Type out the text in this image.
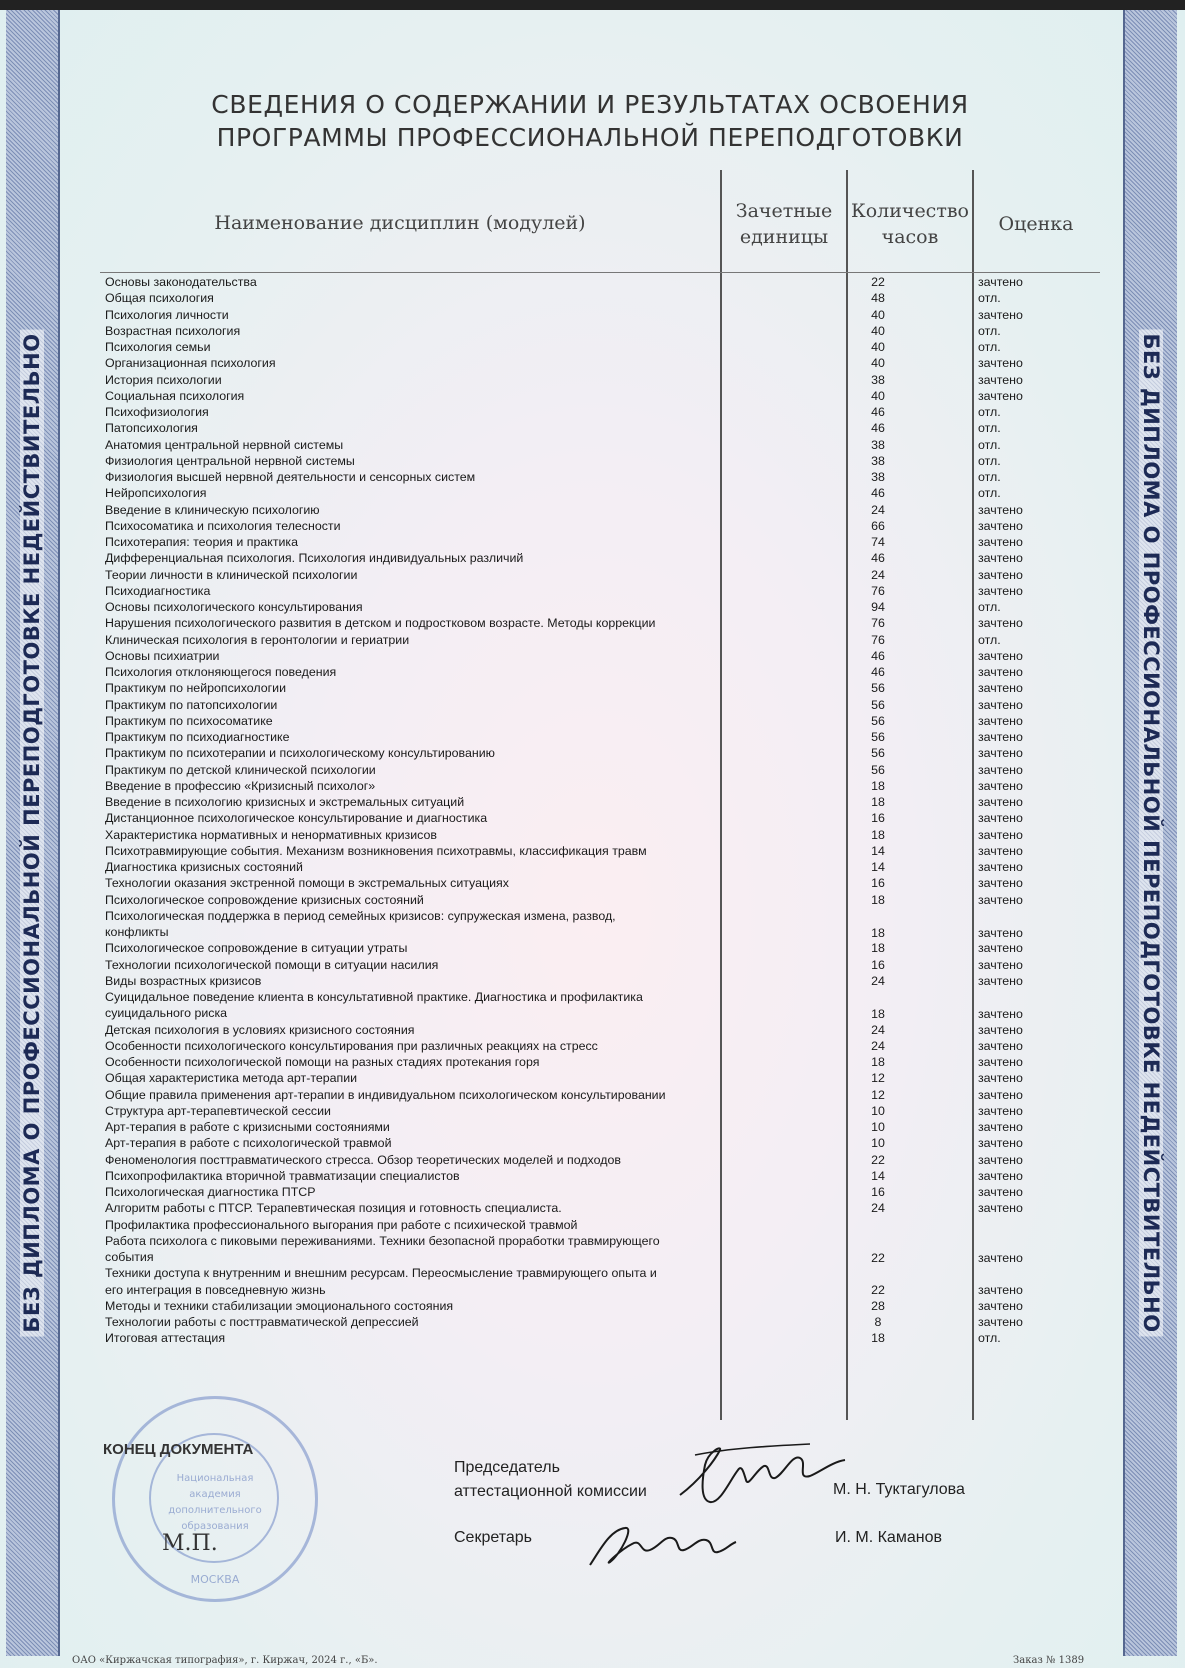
БЕЗ ДИПЛОМА О ПРОФЕССИОНАЛЬНОЙ ПЕРЕПОДГОТОВКЕ НЕДЕЙСТВИТЕЛЬНО	БЕЗ ДИПЛОМА О ПРОФЕССИОНАЛЬНОЙ ПЕРЕПОДГОТОВКЕ НЕДЕЙСТВИТЕЛЬНО
СВЕДЕНИЯ О СОДЕРЖАНИИ И РЕЗУЛЬТАТАХ ОСВОЕНИЯ
ПРОГРАММЫ ПРОФЕССИОНАЛЬНОЙ ПЕРЕПОДГОТОВКИ
Наименование дисциплин (модулей)
Зачетные
единицы
Количество
часов
Оценка
Основы законодательства	22	зачтено
Общая психология	48	отл.
Психология личности	40	зачтено
Возрастная психология	40	отл.
Психология семьи	40	отл.
Организационная психология	40	зачтено
История психологии	38	зачтено
Социальная психология	40	зачтено
Психофизиология	46	отл.
Патопсихология	46	отл.
Анатомия центральной нервной системы	38	отл.
Физиология центральной нервной системы	38	отл.
Физиология высшей нервной деятельности и сенсорных систем	38	отл.
Нейропсихология	46	отл.
Введение в клиническую психологию	24	зачтено
Психосоматика и психология телесности	66	зачтено
Психотерапия: теория и практика	74	зачтено
Дифференциальная психология. Психология индивидуальных различий	46	зачтено
Теории личности в клинической психологии	24	зачтено
Психодиагностика	76	зачтено
Основы психологического консультирования	94	отл.
Нарушения психологического развития в детском и подростковом возрасте. Методы коррекции	76	зачтено
Клиническая психология в геронтологии и гериатрии	76	отл.
Основы психиатрии	46	зачтено
Психология отклоняющегося поведения	46	зачтено
Практикум по нейропсихологии	56	зачтено
Практикум по патопсихологии	56	зачтено
Практикум по психосоматике	56	зачтено
Практикум по психодиагностике	56	зачтено
Практикум по психотерапии и психологическому консультированию	56	зачтено
Практикум по детской клинической психологии	56	зачтено
Введение в профессию «Кризисный психолог»	18	зачтено
Введение в психологию кризисных и экстремальных ситуаций	18	зачтено
Дистанционное психологическое консультирование и диагностика	16	зачтено
Характеристика нормативных и ненормативных кризисов	18	зачтено
Психотравмирующие события. Механизм возникновения психотравмы, классификация травм	14	зачтено
Диагностика кризисных состояний	14	зачтено
Технологии оказания экстренной помощи в экстремальных ситуациях	16	зачтено
Психологическое сопровождение кризисных состояний	18	зачтено
Психологическая поддержка в период семейных кризисов: супружеская измена, развод, конфликты	18	зачтено
Психологическое сопровождение в ситуации утраты	18	зачтено
Технологии психологической помощи в ситуации насилия	16	зачтено
Виды возрастных кризисов	24	зачтено
Суицидальное поведение клиента в консультативной практике. Диагностика и профилактика суицидального риска	18	зачтено
Детская психология в условиях кризисного состояния	24	зачтено
Особенности психологического консультирования при различных реакциях на стресс	24	зачтено
Особенности психологической помощи на разных стадиях протекания горя	18	зачтено
Общая характеристика метода арт-терапии	12	зачтено
Общие правила применения арт-терапии в индивидуальном психологическом консультировании	12	зачтено
Структура арт-терапевтической сессии	10	зачтено
Арт-терапия в работе с кризисными состояниями	10	зачтено
Арт-терапия в работе с психологической травмой	10	зачтено
Феноменология посттравматического стресса. Обзор теоретических моделей и подходов	22	зачтено
Психопрофилактика вторичной травматизации специалистов	14	зачтено
Психологическая диагностика ПТСР	16	зачтено
Алгоритм работы с ПТСР. Терапевтическая позиция и готовность специалиста.	24	зачтено
Профилактика профессионального выгорания при работе с психической травмой
Работа психолога с пиковыми переживаниями. Техники безопасной проработки травмирующего события	22	зачтено
Техники доступа к внутренним и внешним ресурсам. Переосмысление травмирующего опыта и его интеграция в повседневную жизнь	22	зачтено
Методы и техники стабилизации эмоционального состояния	28	зачтено
Технологии работы с посттравматической депрессией	8	зачтено
Итоговая аттестация	18	отл.
Национальная
академия
дополнительного
образования
МОСКВА
КОНЕЦ ДОКУМЕНТА
М.П.
Председатель
аттестационной комиссии	М. Н. Туктагулова
Секретарь	И. М. Каманов
ОАО «Киржачская типография», г. Киржач, 2024 г., «Б».	Заказ № 1389
